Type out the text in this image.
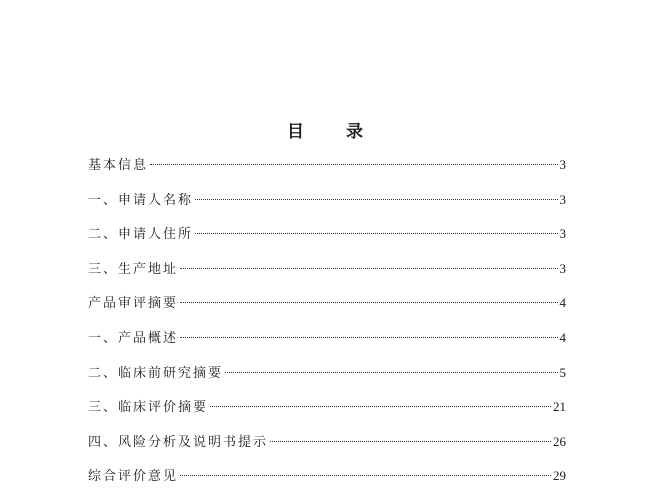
目 录
基本信息	3
一、申请人名称	3
二、申请人住所	3
三、生产地址	3
产品审评摘要	4
一、产品概述	4
二、临床前研究摘要	5
三、临床评价摘要	21
四、风险分析及说明书提示	26
综合评价意见	29
